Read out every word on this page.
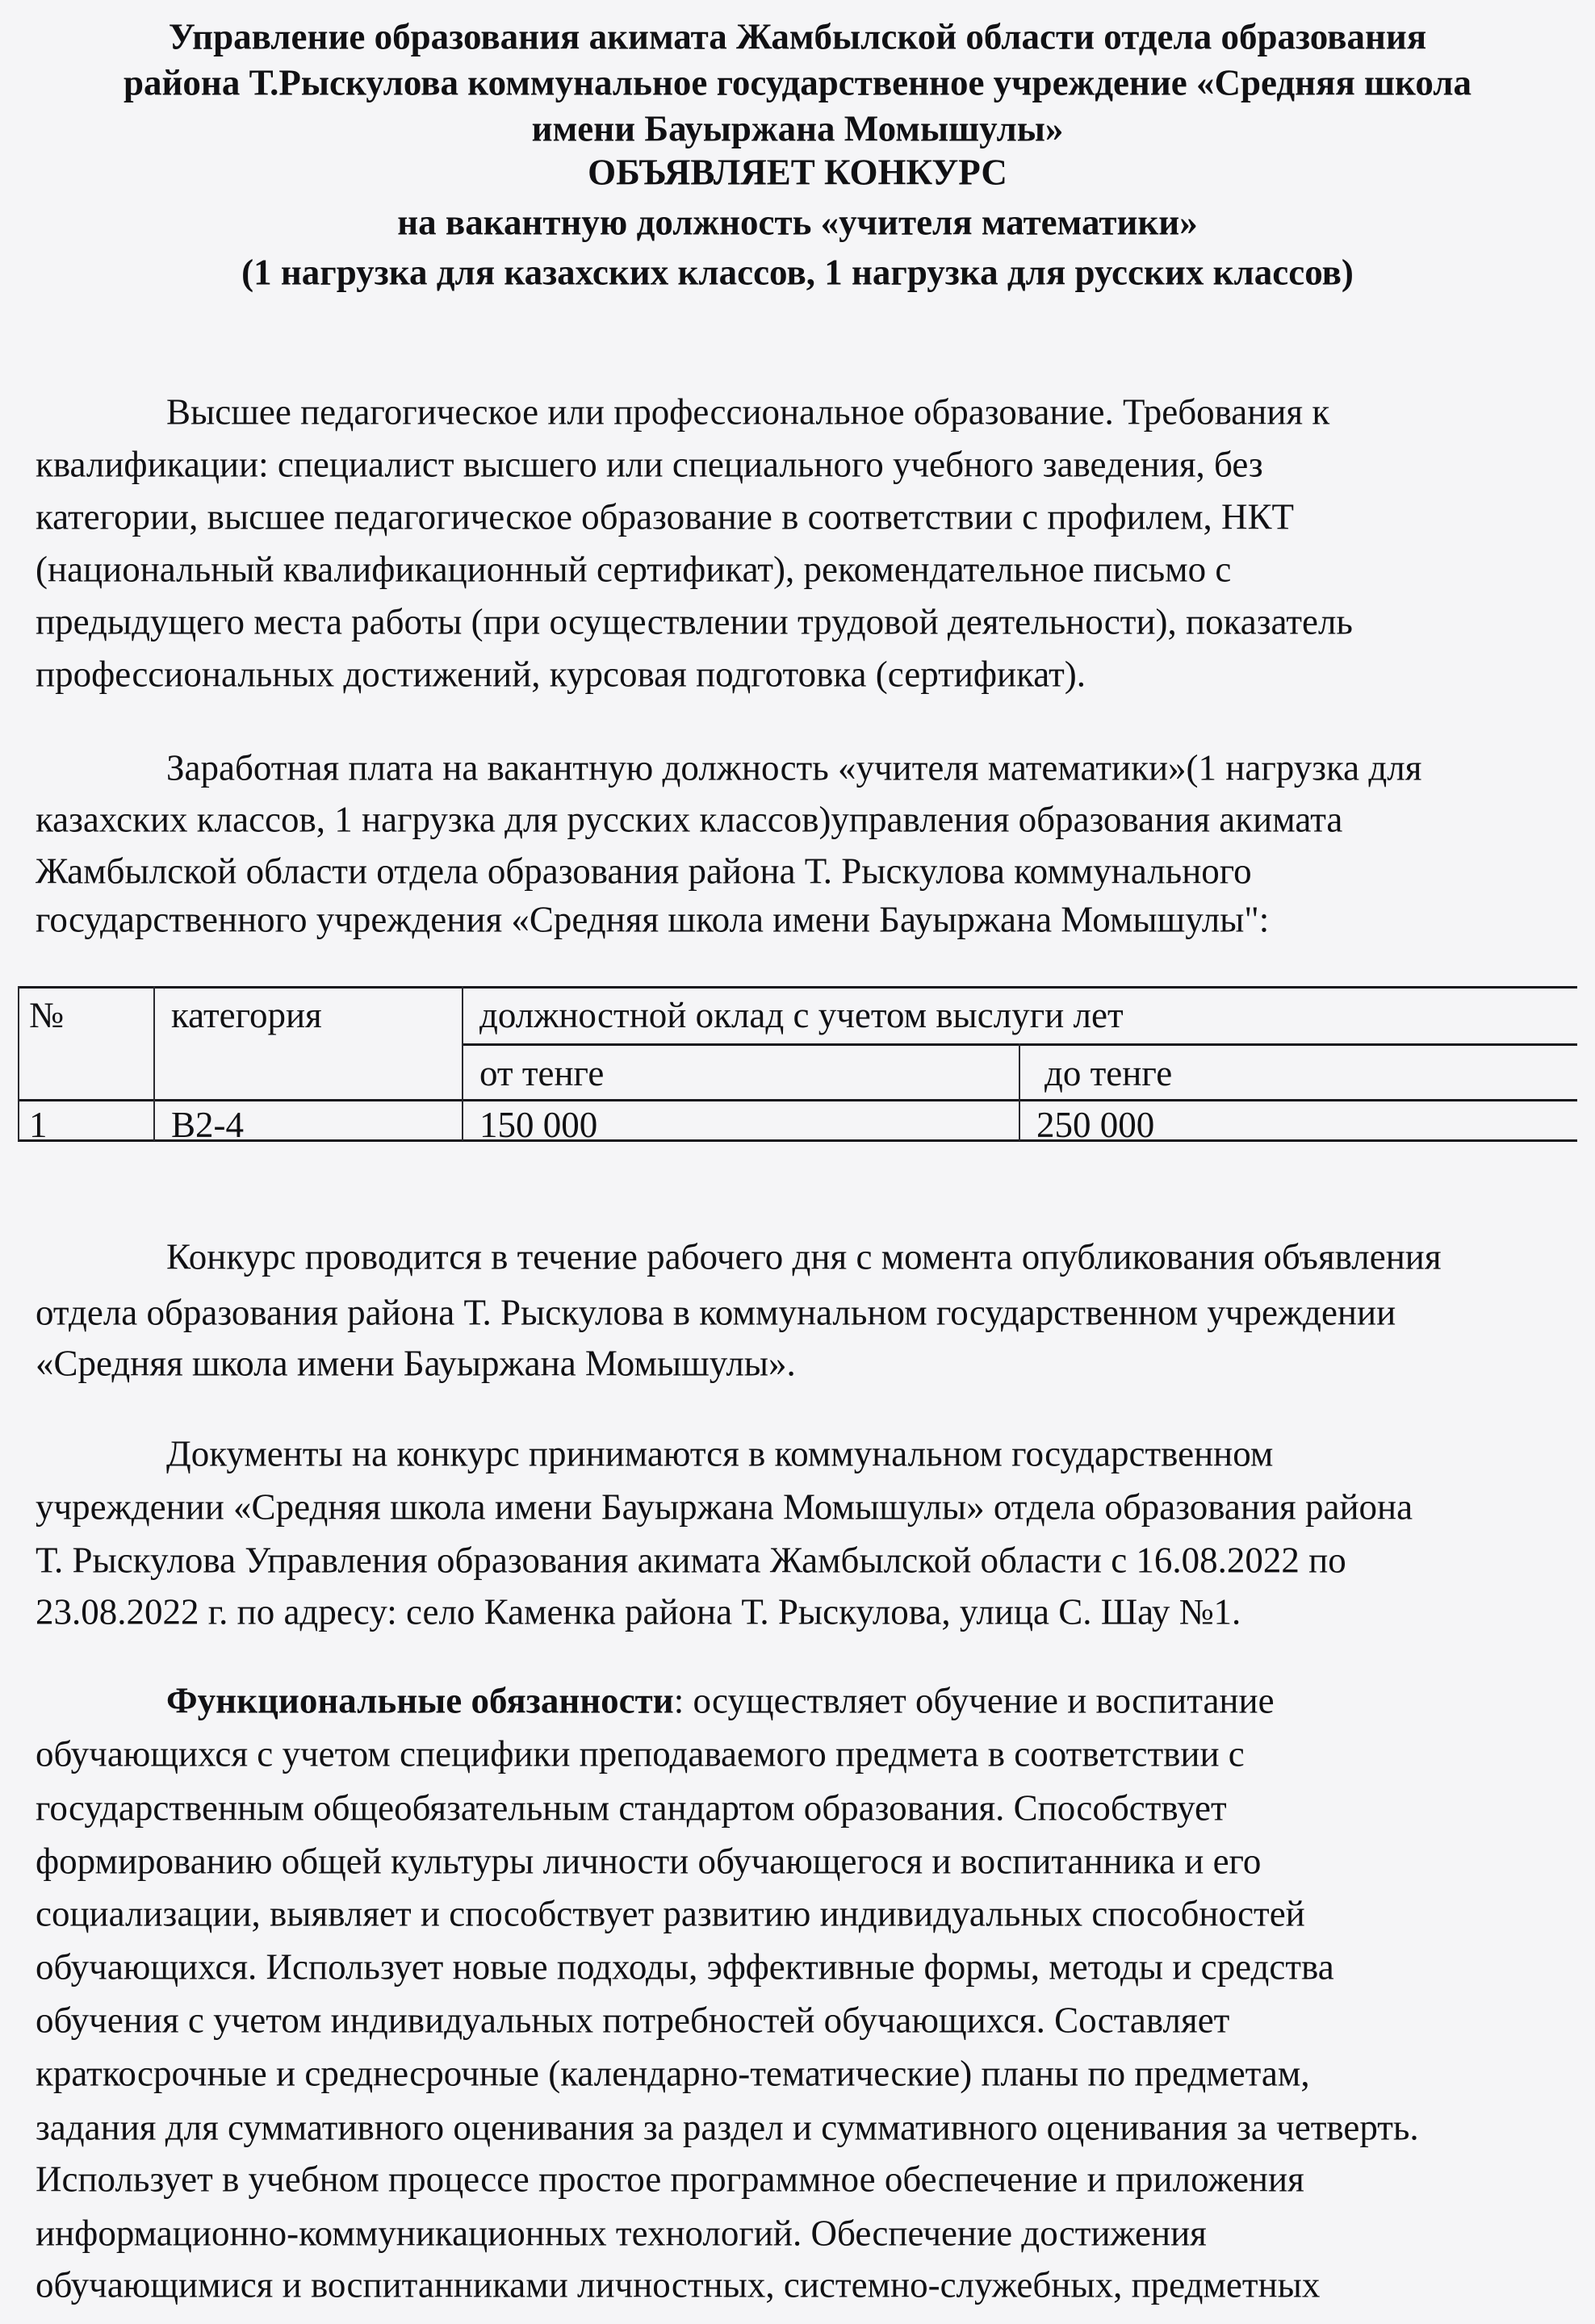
Управление образования акимата Жамбылской области отдела образования
района Т.Рыскулова коммунальное государственное учреждение «Средняя школа
имени Бауыржана Момышулы»
ОБЪЯВЛЯЕТ КОНКУРС
на вакантную должность «учителя математики»
(1 нагрузка для казахских классов, 1 нагрузка для русских классов)
Высшее педагогическое или профессиональное образование. Требования к
квалификации: специалист высшего или специального учебного заведения, без
категории, высшее педагогическое образование в соответствии с профилем, НКТ
(национальный квалификационный сертификат), рекомендательное письмо с
предыдущего места работы (при осуществлении трудовой деятельности), показатель
профессиональных достижений, курсовая подготовка (сертификат).
Заработная плата на вакантную должность «учителя математики»(1 нагрузка для
казахских классов, 1 нагрузка для русских классов)управления образования акимата
Жамбылской области отдела образования района Т. Рыскулова коммунального
государственного учреждения «Средняя школа имени Бауыржана Момышулы":
№	категория	должностной оклад с учетом выслуги лет
от тенге	до тенге
1	В2-4	150 000	250 000
Конкурс проводится в течение рабочего дня с момента опубликования объявления
отдела образования района Т. Рыскулова в коммунальном государственном учреждении
«Средняя школа имени Бауыржана Момышулы».
Документы на конкурс принимаются в коммунальном государственном
учреждении «Средняя школа имени Бауыржана Момышулы» отдела образования района
Т. Рыскулова Управления образования акимата Жамбылской области с 16.08.2022 по
23.08.2022 г. по адресу: село Каменка района Т. Рыскулова, улица С. Шау №1.
Функциональные обязанности: осуществляет обучение и воспитание
обучающихся с учетом специфики преподаваемого предмета в соответствии с
государственным общеобязательным стандартом образования. Способствует
формированию общей культуры личности обучающегося и воспитанника и его
социализации, выявляет и способствует развитию индивидуальных способностей
обучающихся. Использует новые подходы, эффективные формы, методы и средства
обучения с учетом индивидуальных потребностей обучающихся. Составляет
краткосрочные и среднесрочные (календарно-тематические) планы по предметам,
задания для суммативного оценивания за раздел и суммативного оценивания за четверть.
Использует в учебном процессе простое программное обеспечение и приложения
информационно-коммуникационных технологий. Обеспечение достижения
обучающимися и воспитанниками личностных, системно-служебных, предметных
